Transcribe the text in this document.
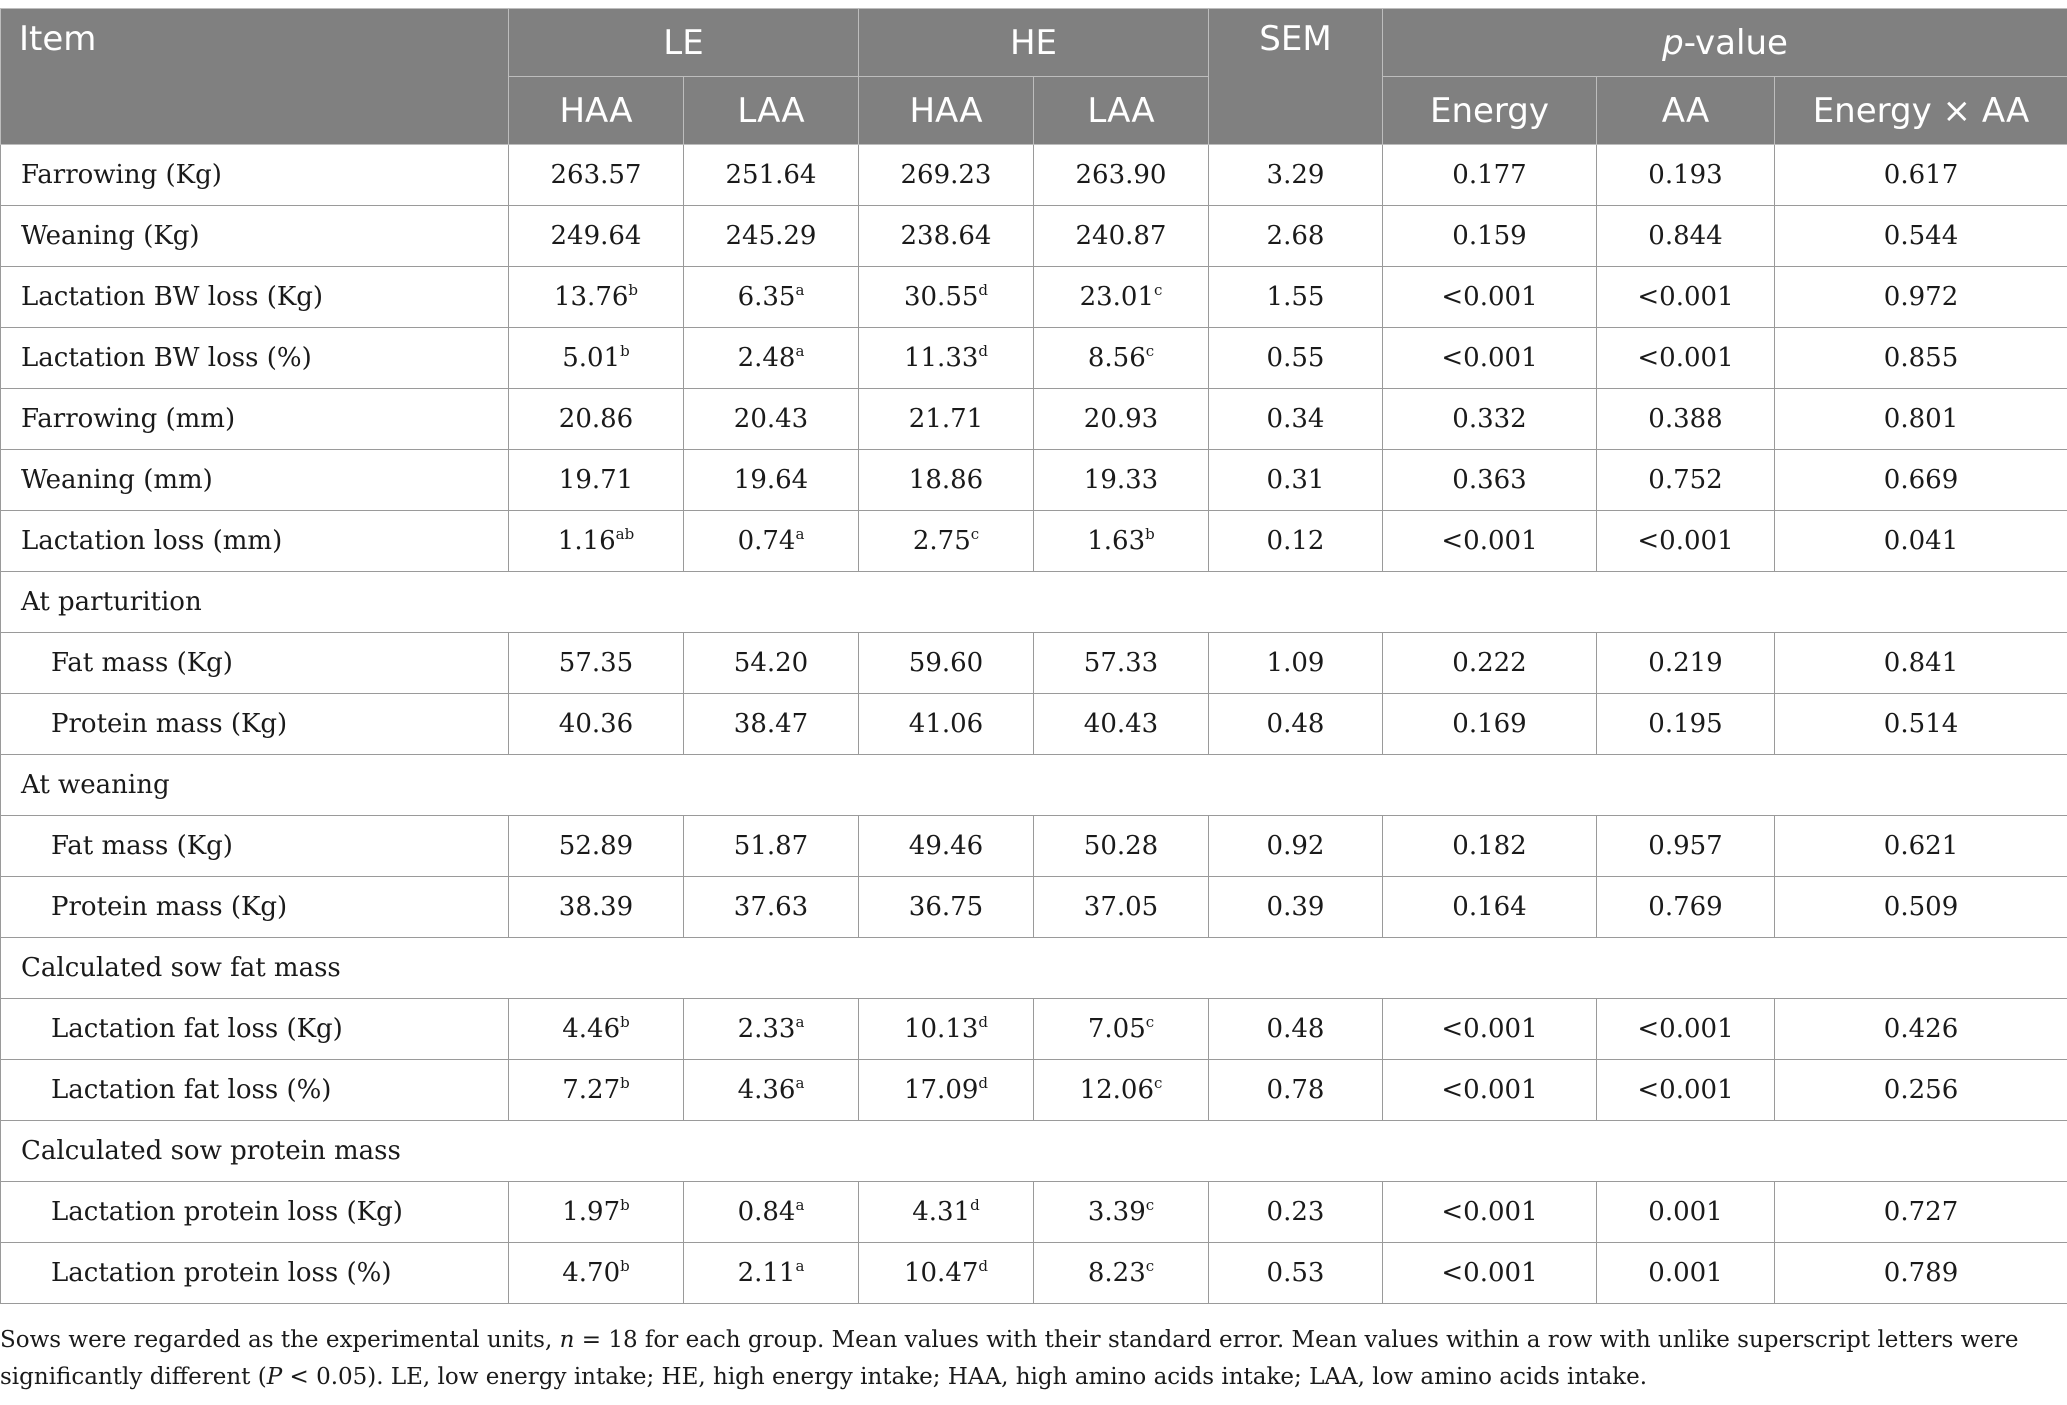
Item	LE		HE		SEM	p-value		
	HAA	LAA	HAA	LAA		Energy	AA	Energy × AA
Farrowing (Kg)	263.57	251.64	269.23	263.90	3.29	0.177	0.193	0.617
Weaning (Kg)	249.64	245.29	238.64	240.87	2.68	0.159	0.844	0.544
Lactation BW loss (Kg)	13.76$^b$	6.35$^a$	30.55$^d$	23.01$^c$	1.55	<0.001	<0.001	0.972
Lactation BW loss (%)	5.01$^b$	2.48$^a$	11.33$^d$	8.56$^c$	0.55	<0.001	<0.001	0.855
Farrowing (mm)	20.86	20.43	21.71	20.93	0.34	0.332	0.388	0.801
Weaning (mm)	19.71	19.64	18.86	19.33	0.31	0.363	0.752	0.669
Lactation loss (mm)	1.16$^{ab}$	0.74$^a$	2.75$^c$	1.63$^b$	0.12	<0.001	<0.001	0.041
At parturition								
Fat mass (Kg)	57.35	54.20	59.60	57.33	1.09	0.222	0.219	0.841
Protein mass (Kg)	40.36	38.47	41.06	40.43	0.48	0.169	0.195	0.514
At weaning								
Fat mass (Kg)	52.89	51.87	49.46	50.28	0.92	0.182	0.957	0.621
Protein mass (Kg)	38.39	37.63	36.75	37.05	0.39	0.164	0.769	0.509
Calculated sow fat mass								
Lactation fat loss (Kg)	4.46$^b$	2.33$^a$	10.13$^d$	7.05$^c$	0.48	<0.001	<0.001	0.426
Lactation fat loss (%)	7.27$^b$	4.36$^a$	17.09$^d$	12.06$^c$	0.78	<0.001	<0.001	0.256
Calculated sow protein mass								
Lactation protein loss (Kg)	1.97$^b$	0.84$^a$	4.31$^d$	3.39$^c$	0.23	<0.001	0.001	0.727
Lactation protein loss (%)	4.70$^b$	2.11$^a$	10.47$^d$	8.23$^c$	0.53	<0.001	0.001	0.789
Sows were regarded as the experimental units, n = 18 for each group. Mean values with their standard error. Mean values within a row with unlike superscript letters were significantly different (P < 0.05). LE, low energy intake; HE, high energy intake; HAA, high amino acids intake; LAA, low amino acids intake.
